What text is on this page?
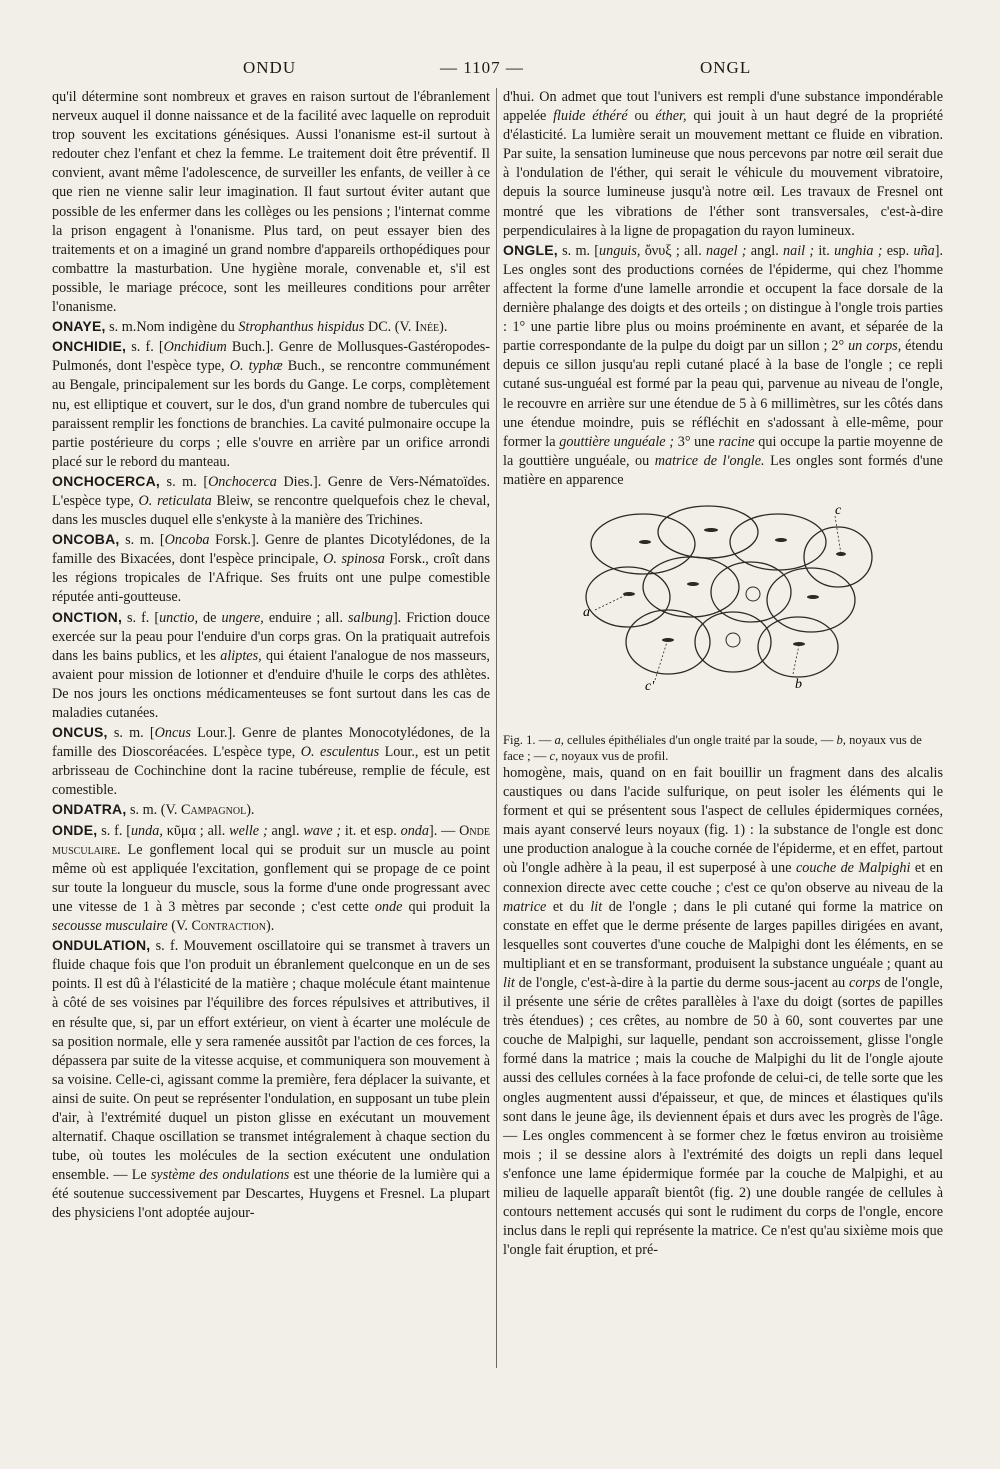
ONDU	— 1107 —	ONGL

qu'il détermine sont nombreux et graves en raison surtout de l'ébranlement nerveux auquel il donne naissance et de la facilité avec laquelle on reproduit trop souvent les excitations génésiques. Aussi l'onanisme est-il surtout à redouter chez l'enfant et chez la femme. Le traitement doit être préventif. Il convient, avant même l'adolescence, de surveiller les enfants, de veiller à ce que rien ne vienne salir leur imagination. Il faut surtout éviter autant que possible de les enfermer dans les collèges ou les pensions ; l'internat comme la prison engagent à l'onanisme. Plus tard, on peut essayer bien des traitements et on a imaginé un grand nombre d'appareils orthopédiques pour combattre la masturbation. Une hygiène morale, convenable et, s'il est possible, le mariage précoce, sont les meilleures conditions pour arrêter l'onanisme.

ONAYE, s. m.Nom indigène du Strophanthus hispidus DC. (V. Inée).

ONCHIDIE, s. f. [Onchidium Buch.]. Genre de Mollusques-Gastéropodes-Pulmonés, dont l'espèce type, O. typhæ Buch., se rencontre communément au Bengale, principalement sur les bords du Gange. Le corps, complètement nu, est elliptique et couvert, sur le dos, d'un grand nombre de tubercules qui paraissent remplir les fonctions de branchies. La cavité pulmonaire occupe la partie postérieure du corps ; elle s'ouvre en arrière par un orifice arrondi placé sur le rebord du manteau.

ONCHOCERCA, s. m. [Onchocerca Dies.]. Genre de Vers-Nématoïdes. L'espèce type, O. reticulata Bleiw, se rencontre quelquefois chez le cheval, dans les muscles duquel elle s'enkyste à la manière des Trichines.

ONCOBA, s. m. [Oncoba Forsk.]. Genre de plantes Dicotylédones, de la famille des Bixacées, dont l'espèce principale, O. spinosa Forsk., croît dans les régions tropicales de l'Afrique. Ses fruits ont une pulpe comestible réputée anti-goutteuse.

ONCTION, s. f. [unctio, de ungere, enduire ; all. salbung]. Friction douce exercée sur la peau pour l'enduire d'un corps gras. On la pratiquait autrefois dans les bains publics, et les aliptes, qui étaient l'analogue de nos masseurs, avaient pour mission de lotionner et d'enduire d'huile le corps des athlètes. De nos jours les onctions médicamenteuses se font surtout dans les cas de maladies cutanées.

ONCUS, s. m. [Oncus Lour.]. Genre de plantes Monocotylédones, de la famille des Dioscoréacées. L'espèce type, O. esculentus Lour., est un petit arbrisseau de Cochinchine dont la racine tubéreuse, remplie de fécule, est comestible.

ONDATRA, s. m. (V. Campagnol).

ONDE, s. f. [unda, κῦμα ; all. welle ; angl. wave ; it. et esp. onda]. — Onde musculaire. Le gonflement local qui se produit sur un muscle au point même où est appliquée l'excitation, gonflement qui se propage de ce point sur toute la longueur du muscle, sous la forme d'une onde progressant avec une vitesse de 1 à 3 mètres par seconde ; c'est cette onde qui produit la secousse musculaire (V. Contraction).

ONDULATION, s. f. Mouvement oscillatoire qui se transmet à travers un fluide chaque fois que l'on produit un ébranlement quelconque en un de ses points. Il est dû à l'élasticité de la matière ; chaque molécule étant maintenue à côté de ses voisines par l'équilibre des forces répulsives et attributives, il en résulte que, si, par un effort extérieur, on vient à écarter une molécule de sa position normale, elle y sera ramenée aussitôt par l'action de ces forces, la dépassera par suite de la vitesse acquise, et communiquera son mouvement à sa voisine. Celle-ci, agissant comme la première, fera déplacer la suivante, et ainsi de suite. On peut se représenter l'ondulation, en supposant un tube plein d'air, à l'extrémité duquel un piston glisse en exécutant un mouvement alternatif. Chaque oscillation se transmet intégralement à chaque section du tube, où toutes les molécules de la section exécutent une ondulation ensemble. — Le système des ondulations est une théorie de la lumière qui a été soutenue successivement par Descartes, Huygens et Fresnel. La plupart des physiciens l'ont adoptée aujour-

d'hui. On admet que tout l'univers est rempli d'une substance impondérable appelée fluide éthéré ou éther, qui jouit à un haut degré de la propriété d'élasticité. La lumière serait un mouvement mettant ce fluide en vibration. Par suite, la sensation lumineuse que nous percevons par notre œil serait due à l'ondulation de l'éther, qui serait le véhicule du mouvement vibratoire, depuis la source lumineuse jusqu'à notre œil. Les travaux de Fresnel ont montré que les vibrations de l'éther sont transversales, c'est-à-dire perpendiculaires à la ligne de propagation du rayon lumineux.

ONGLE, s. m. [unguis, ὄνυξ ; all. nagel ; angl. nail ; it. unghia ; esp. uña]. Les ongles sont des productions cornées de l'épiderme, qui chez l'homme affectent la forme d'une lamelle arrondie et occupent la face dorsale de la dernière phalange des doigts et des orteils ; on distingue à l'ongle trois parties : 1° une partie libre plus ou moins proéminente en avant, et séparée de la partie correspondante de la pulpe du doigt par un sillon ; 2° un corps, étendu depuis ce sillon jusqu'au repli cutané placé à la base de l'ongle ; ce repli cutané sus-unguéal est formé par la peau qui, parvenue au niveau de l'ongle, le recouvre en arrière sur une étendue de 5 à 6 millimètres, sur les côtés dans une étendue moindre, puis se réfléchit en s'adossant à elle-même, pour former la gouttière unguéale ; 3° une racine qui occupe la partie moyenne de la gouttière unguéale, ou matrice de l'ongle. Les ongles sont formés d'une matière en apparence

a
c'	b
c

Fig. 1. — a, cellules épithéliales d'un ongle traité par la soude, — b, noyaux vus de face ; — c, noyaux vus de profil.

homogène, mais, quand on en fait bouillir un fragment dans des alcalis caustiques ou dans l'acide sulfurique, on peut isoler les éléments qui le forment et qui se présentent sous l'aspect de cellules épidermiques cornées, mais ayant conservé leurs noyaux (fig. 1) : la substance de l'ongle est donc une production analogue à la couche cornée de l'épiderme, et en effet, partout où l'ongle adhère à la peau, il est superposé à une couche de Malpighi et en connexion directe avec cette couche ; c'est ce qu'on observe au niveau de la matrice et du lit de l'ongle ; dans le pli cutané qui forme la matrice on constate en effet que le derme présente de larges papilles dirigées en avant, lesquelles sont couvertes d'une couche de Malpighi dont les éléments, en se multipliant et en se transformant, produisent la substance unguéale ; quant au lit de l'ongle, c'est-à-dire à la partie du derme sous-jacent au corps de l'ongle, il présente une série de crêtes parallèles à l'axe du doigt (sortes de papilles très étendues) ; ces crêtes, au nombre de 50 à 60, sont couvertes par une couche de Malpighi, sur laquelle, pendant son accroissement, glisse l'ongle formé dans la matrice ; mais la couche de Malpighi du lit de l'ongle ajoute aussi des cellules cornées à la face profonde de celui-ci, de telle sorte que les ongles augmentent aussi d'épaisseur, et que, de minces et élastiques qu'ils sont dans le jeune âge, ils deviennent épais et durs avec les progrès de l'âge. — Les ongles commencent à se former chez le fœtus environ au troisième mois ; il se dessine alors à l'extrémité des doigts un repli dans lequel s'enfonce une lame épidermique formée par la couche de Malpighi, et au milieu de laquelle apparaît bientôt (fig. 2) une double rangée de cellules à contours nettement accusés qui sont le rudiment du corps de l'ongle, encore inclus dans le repli qui représente la matrice. Ce n'est qu'au sixième mois que l'ongle fait éruption, et pré-
